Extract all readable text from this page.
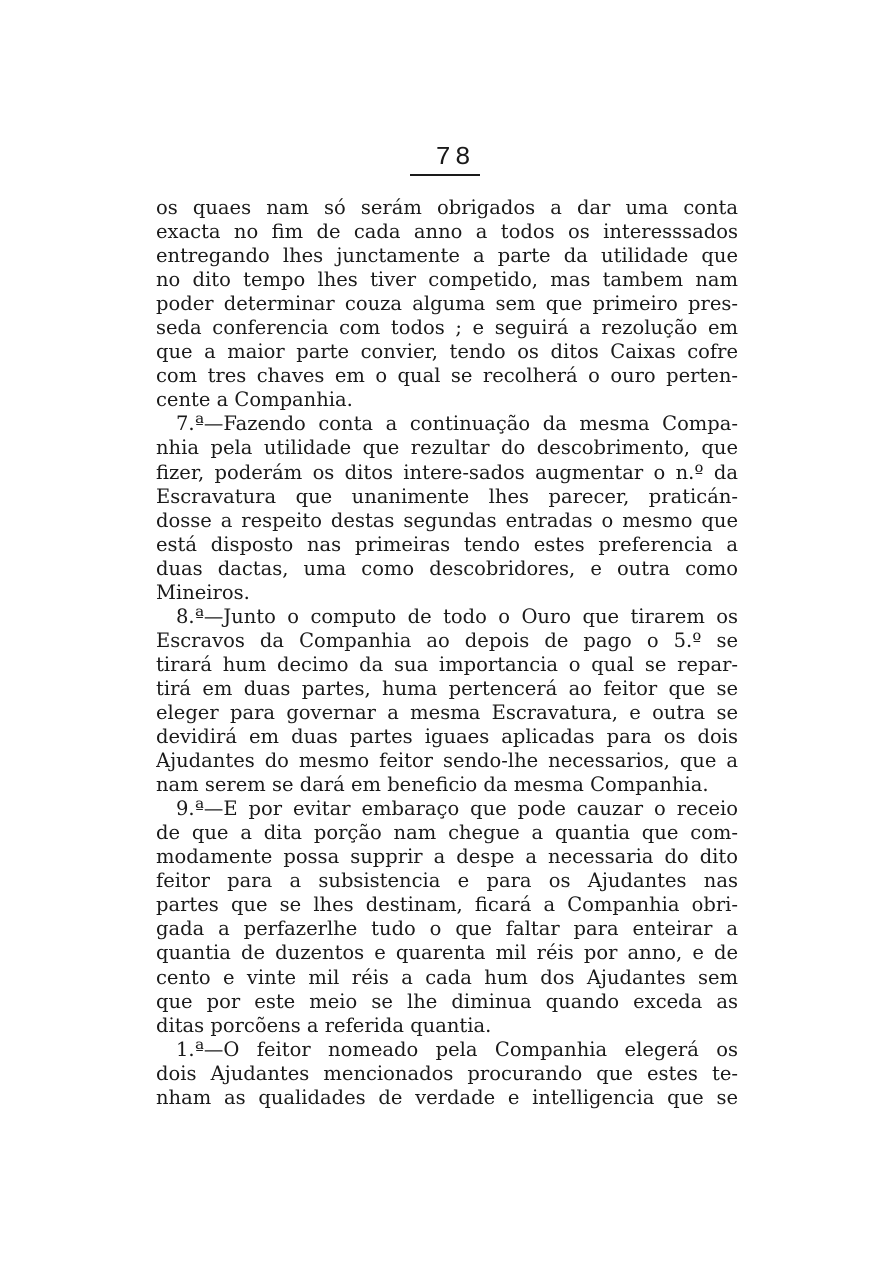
78
os quaes nam só serám obrigados a dar uma conta
exacta no fim de cada anno a todos os interesssados
entregando lhes junctamente a parte da utilidade que
no dito tempo lhes tiver competido, mas tambem nam
poder determinar couza alguma sem que primeiro pres-
seda conferencia com todos ; e seguirá a rezolução em
que a maior parte convier, tendo os ditos Caixas cofre
com tres chaves em o qual se recolherá o ouro perten-
cente a Companhia.
7.ª—Fazendo conta a continuação da mesma Compa-
nhia pela utilidade que rezultar do descobrimento, que
fizer, poderám os ditos intere-sados augmentar o n.º da
Escravatura que unanimente lhes parecer, praticán-
dosse a respeito destas segundas entradas o mesmo que
está disposto nas primeiras tendo estes preferencia a
duas dactas, uma como descobridores, e outra como
Mineiros.
8.ª—Junto o computo de todo o Ouro que tirarem os
Escravos da Companhia ao depois de pago o 5.º se
tirará hum decimo da sua importancia o qual se repar-
tirá em duas partes, huma pertencerá ao feitor que se
eleger para governar a mesma Escravatura, e outra se
devidirá em duas partes iguaes aplicadas para os dois
Ajudantes do mesmo feitor sendo-lhe necessarios, que a
nam serem se dará em beneficio da mesma Companhia.
9.ª—E por evitar embaraço que pode cauzar o receio
de que a dita porção nam chegue a quantia que com-
modamente possa supprir a despe a necessaria do dito
feitor para a subsistencia e para os Ajudantes nas
partes que se lhes destinam, ficará a Companhia obri-
gada a perfazerlhe tudo o que faltar para enteirar a
quantia de duzentos e quarenta mil réis por anno, e de
cento e vinte mil réis a cada hum dos Ajudantes sem
que por este meio se lhe diminua quando exceda as
ditas porcõens a referida quantia.
1.ª—O feitor nomeado pela Companhia elegerá os
dois Ajudantes mencionados procurando que estes te-
nham as qualidades de verdade e intelligencia que se
